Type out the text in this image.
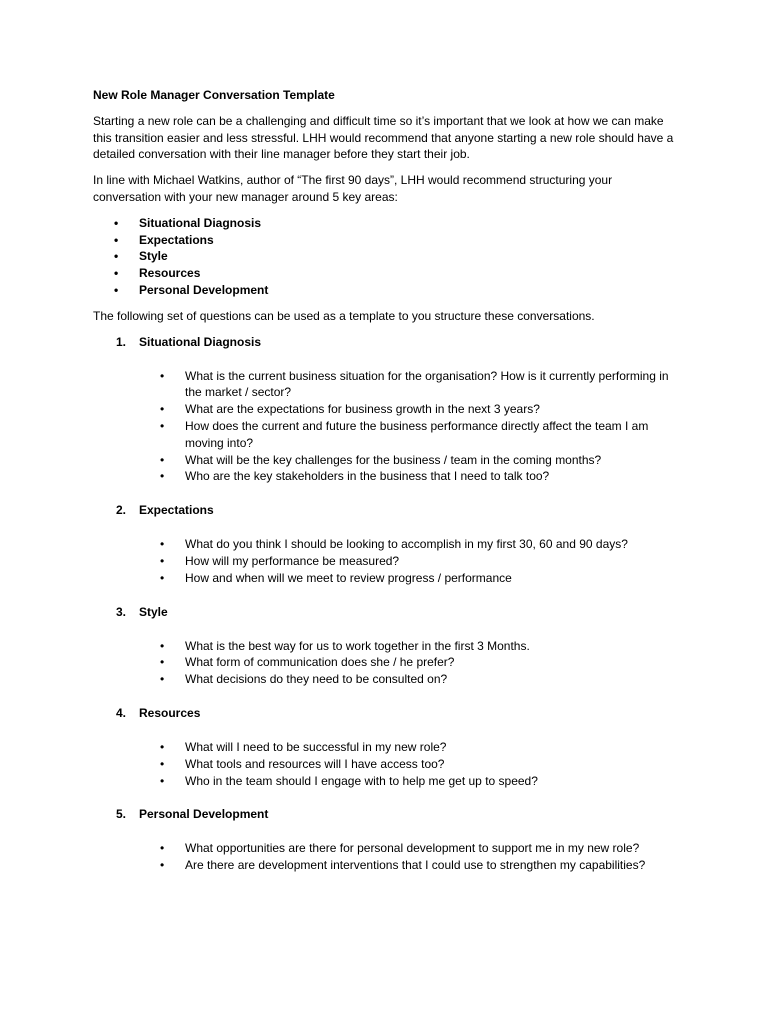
New Role Manager Conversation Template

Starting a new role can be a challenging and difficult time so it’s important that we look at how we can make this transition easier and less stressful. LHH would recommend that anyone starting a new role should have a detailed conversation with their line manager before they start their job.

In line with Michael Watkins, author of “The first 90 days”, LHH would recommend structuring your conversation with your new manager around 5 key areas:

• Situational Diagnosis
• Expectations
• Style
• Resources
• Personal Development

The following set of questions can be used as a template to you structure these conversations.

1. Situational Diagnosis
• What is the current business situation for the organisation? How is it currently performing in the market / sector?
• What are the expectations for business growth in the next 3 years?
• How does the current and future the business performance directly affect the team I am moving into?
• What will be the key challenges for the business / team in the coming months?
• Who are the key stakeholders in the business that I need to talk too?
2. Expectations
• What do you think I should be looking to accomplish in my first 30, 60 and 90 days?
• How will my performance be measured?
• How and when will we meet to review progress / performance
3. Style
• What is the best way for us to work together in the first 3 Months.
• What form of communication does she / he prefer?
• What decisions do they need to be consulted on?
4. Resources
• What will I need to be successful in my new role?
• What tools and resources will I have access too?
• Who in the team should I engage with to help me get up to speed?
5. Personal Development
• What opportunities are there for personal development to support me in my new role?
• Are there are development interventions that I could use to strengthen my capabilities?
